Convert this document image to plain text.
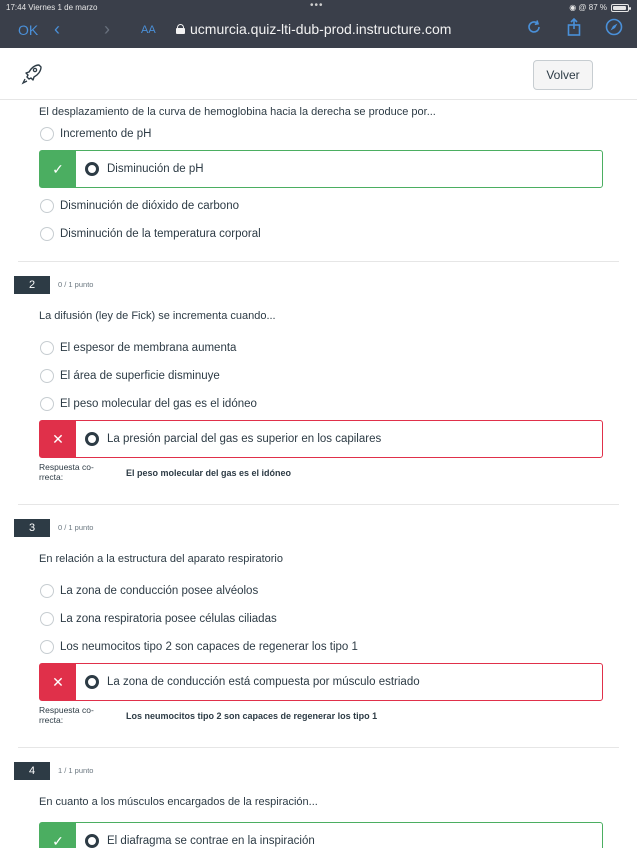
17:44 Viernes 1 de marzo	•••	◉ @ 87 %
OK ‹ ›	AA ucmurcia.quiz-lti-dub-prod.instructure.com
Volver
El desplazamiento de la curva de hemoglobina hacia la derecha se produce por...
Incremento de pH
✓	Disminución de pH
Disminución de dióxido de carbono
Disminución de la temperatura corporal
2	0 / 1 punto
La difusión (ley de Fick) se incrementa cuando...
El espesor de membrana aumenta
El área de superficie disminuye
El peso molecular del gas es el idóneo
✕	La presión parcial del gas es superior en los capilares
Respuesta co- rrecta:	El peso molecular del gas es el idóneo
3	0 / 1 punto
En relación a la estructura del aparato respiratorio
La zona de conducción posee alvéolos
La zona respiratoria posee células ciliadas
Los neumocitos tipo 2 son capaces de regenerar los tipo 1
✕	La zona de conducción está compuesta por músculo estriado
Respuesta co- rrecta:	Los neumocitos tipo 2 son capaces de regenerar los tipo 1
4	1 / 1 punto
En cuanto a los músculos encargados de la respiración...
✓	El diafragma se contrae en la inspiración
